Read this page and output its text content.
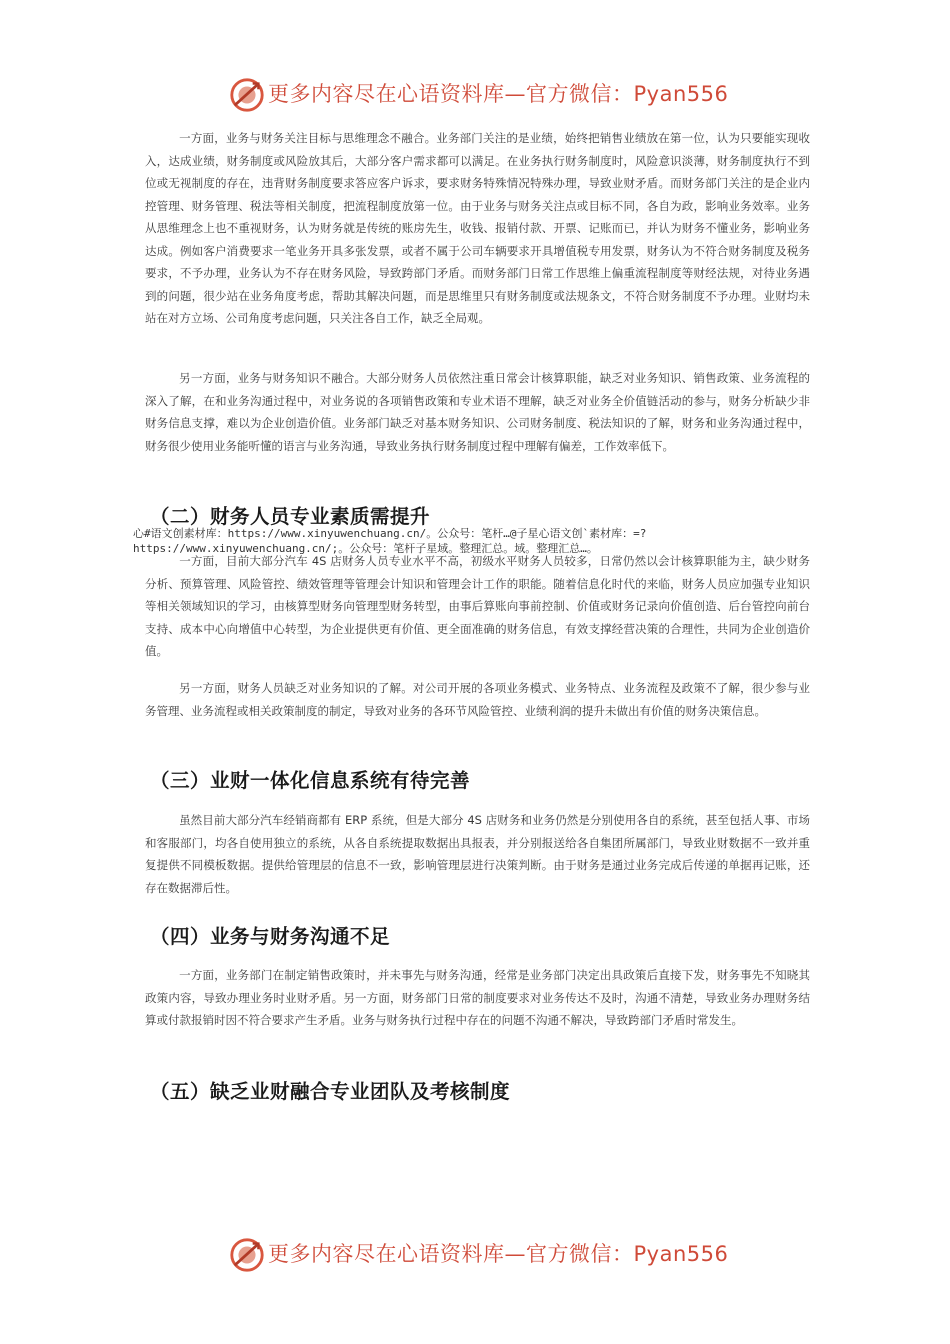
更多内容尽在心语资料库—官方微信：Pyan556
一方面，业务与财务关注目标与思维理念不融合。业务部门关注的是业绩，始终把销售业绩放在第一位，认为只要能实现收入，达成业绩，财务制度或风险放其后，大部分客户需求都可以满足。在业务执行财务制度时，风险意识淡薄，财务制度执行不到位或无视制度的存在，违背财务制度要求答应客户诉求，要求财务特殊情况特殊办理，导致业财矛盾。而财务部门关注的是企业内控管理、财务管理、税法等相关制度，把流程制度放第一位。由于业务与财务关注点或目标不同，各自为政，影响业务效率。业务从思维理念上也不重视财务，认为财务就是传统的账房先生，收钱、报销付款、开票、记账而已，并认为财务不懂业务，影响业务达成。例如客户消费要求一笔业务开具多张发票，或者不属于公司车辆要求开具增值税专用发票，财务认为不符合财务制度及税务要求，不予办理，业务认为不存在财务风险，导致跨部门矛盾。而财务部门日常工作思维上偏重流程制度等财经法规，对待业务遇到的问题，很少站在业务角度考虑，帮助其解决问题，而是思维里只有财务制度或法规条文，不符合财务制度不予办理。业财均未站在对方立场、公司角度考虑问题，只关注各自工作，缺乏全局观。
另一方面，业务与财务知识不融合。大部分财务人员依然注重日常会计核算职能，缺乏对业务知识、销售政策、业务流程的深入了解，在和业务沟通过程中，对业务说的各项销售政策和专业术语不理解，缺乏对业务全价值链活动的参与，财务分析缺少非财务信息支撑，难以为企业创造价值。业务部门缺乏对基本财务知识、公司财务制度、税法知识的了解，财务和业务沟通过程中，财务很少使用业务能听懂的语言与业务沟通，导致业务执行财务制度过程中理解有偏差，工作效率低下。
（二）财务人员专业素质需提升
心#语文创素材库：https://www.xinyuwenchuang.cn/。公众号：笔杆…@子星心语文创`素材库：=?https://www.xinyuwenchuang.cn/;。公众号：笔杆子星域。整理汇总。域。整理汇总…。
一方面，目前大部分汽车 4S 店财务人员专业水平不高，初级水平财务人员较多，日常仍然以会计核算职能为主，缺少财务分析、预算管理、风险管控、绩效管理等管理会计知识和管理会计工作的职能。随着信息化时代的来临，财务人员应加强专业知识等相关领域知识的学习，由核算型财务向管理型财务转型，由事后算账向事前控制、价值或财务记录向价值创造、后台管控向前台支持、成本中心向增值中心转型，为企业提供更有价值、更全面准确的财务信息，有效支撑经营决策的合理性，共同为企业创造价值。
另一方面，财务人员缺乏对业务知识的了解。对公司开展的各项业务模式、业务特点、业务流程及政策不了解，很少参与业务管理、业务流程或相关政策制度的制定，导致对业务的各环节风险管控、业绩利润的提升未做出有价值的财务决策信息。
（三）业财一体化信息系统有待完善
虽然目前大部分汽车经销商都有 ERP 系统，但是大部分 4S 店财务和业务仍然是分别使用各自的系统，甚至包括人事、市场和客服部门，均各自使用独立的系统，从各自系统提取数据出具报表，并分别报送给各自集团所属部门，导致业财数据不一致并重复提供不同模板数据。提供给管理层的信息不一致，影响管理层进行决策判断。由于财务是通过业务完成后传递的单据再记账，还存在数据滞后性。
（四）业务与财务沟通不足
一方面，业务部门在制定销售政策时，并未事先与财务沟通，经常是业务部门决定出具政策后直接下发，财务事先不知晓其政策内容，导致办理业务时业财矛盾。另一方面，财务部门日常的制度要求对业务传达不及时，沟通不清楚，导致业务办理财务结算或付款报销时因不符合要求产生矛盾。业务与财务执行过程中存在的问题不沟通不解决，导致跨部门矛盾时常发生。
（五）缺乏业财融合专业团队及考核制度
更多内容尽在心语资料库—官方微信：Pyan556
